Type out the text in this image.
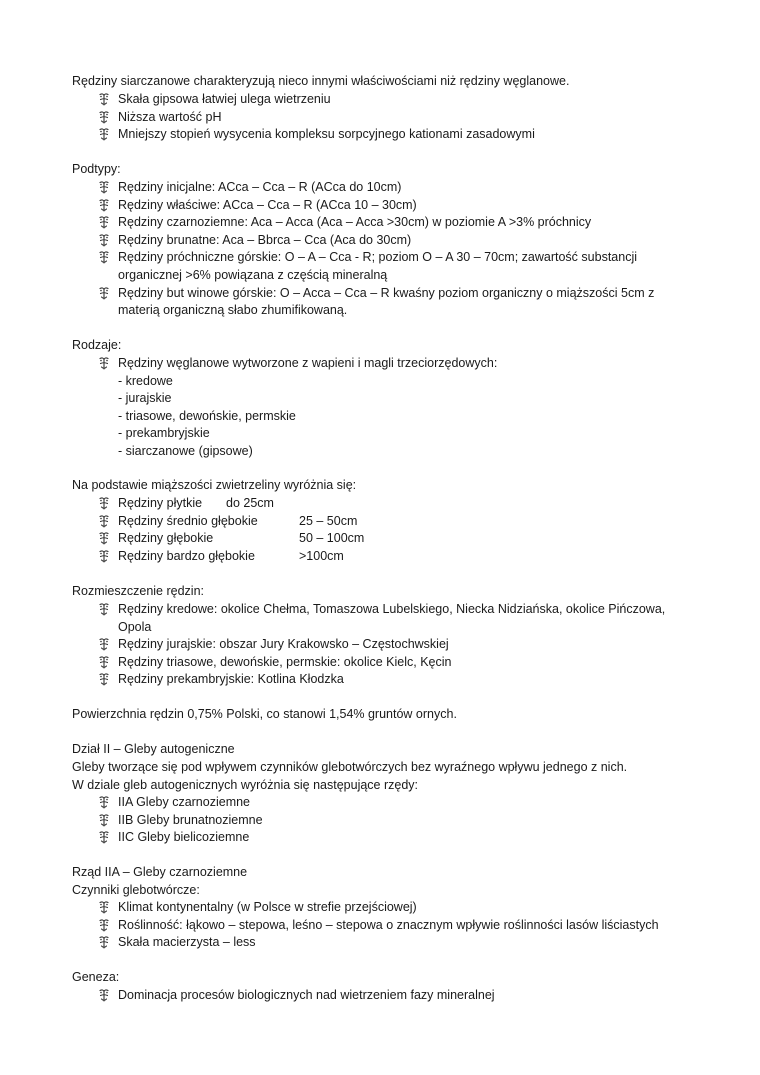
Rędziny siarczanowe charakteryzują nieco innymi właściwościami niż rędziny węglanowe.
Skała gipsowa łatwiej ulega wietrzeniu
Niższa wartość pH
Mniejszy stopień wysycenia kompleksu sorpcyjnego kationami zasadowymi
Podtypy:
Rędziny inicjalne: ACca – Cca – R (ACca do 10cm)
Rędziny właściwe: ACca – Cca – R (ACca 10 – 30cm)
Rędziny czarnoziemne: Aca – Acca (Aca – Acca >30cm) w poziomie A >3% próchnicy
Rędziny brunatne: Aca – Bbrca – Cca (Aca do 30cm)
Rędziny próchniczne górskie: O – A – Cca - R; poziom O – A 30 – 70cm; zawartość substancji organicznej >6% powiązana z częścią mineralną
Rędziny but winowe górskie: O – Acca – Cca – R kwaśny poziom organiczny o miąższości 5cm z materią organiczną słabo zhumifikowaną.
Rodzaje:
Rędziny węglanowe wytworzone z wapieni i magli trzeciorzędowych:
- kredowe
- jurajskie
- triasowe, dewońskie, permskie
- prekambryjskie
- siarczanowe (gipsowe)
Na podstawie miąższości zwietrzeliny wyróżnia się:
Rędziny płytkie do 25cm
Rędziny średnio głębokie	25 – 50cm
Rędziny głębokie	50 – 100cm
Rędziny bardzo głębokie	>100cm
Rozmieszczenie rędzin:
Rędziny kredowe: okolice Chełma, Tomaszowa Lubelskiego, Niecka Nidziańska, okolice Pińczowa, Opola
Rędziny jurajskie: obszar Jury Krakowsko – Częstochwskiej
Rędziny triasowe, dewońskie, permskie: okolice Kielc, Kęcin
Rędziny prekambryjskie: Kotlina Kłodzka
Powierzchnia rędzin 0,75% Polski, co stanowi 1,54% gruntów ornych.
Dział II – Gleby autogeniczne
Gleby tworzące się pod wpływem czynników glebotwórczych bez wyraźnego wpływu jednego z nich.
W dziale gleb autogenicznych wyróżnia się następujące rzędy:
IIA Gleby czarnoziemne
IIB Gleby brunatnoziemne
IIC Gleby bielicoziemne
Rząd IIA – Gleby czarnoziemne
Czynniki glebotwórcze:
Klimat kontynentalny (w Polsce w strefie przejściowej)
Roślinność: łąkowo – stepowa, leśno – stepowa o znacznym wpływie roślinności lasów liściastych
Skała macierzysta – less
Geneza:
Dominacja procesów biologicznych nad wietrzeniem fazy mineralnej
